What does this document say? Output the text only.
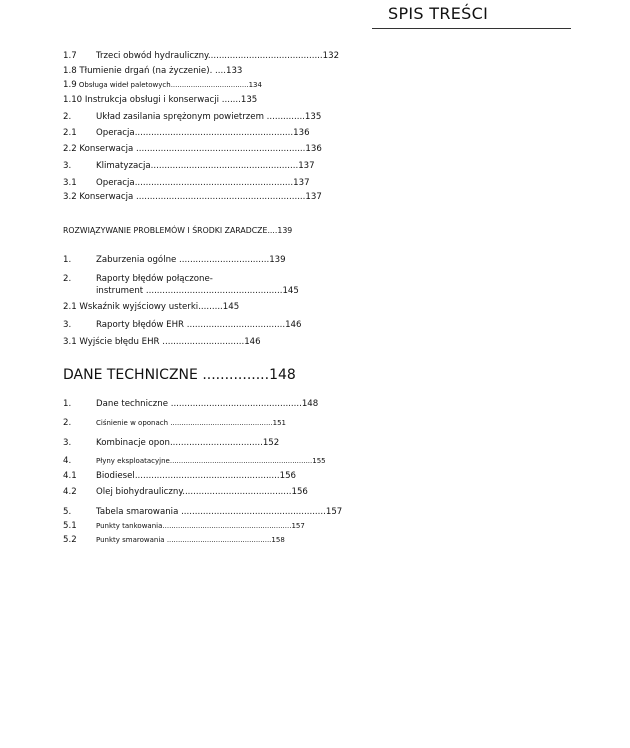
SPIS TREŚCI
1.7 Trzeci obwód hydrauliczny..........................................132
1.8 Tłumienie drgań (na życzenie). ....133
1.9 Obsługa wideł paletowych...................................134
1.10 Instrukcja obsługi i konserwacji .......135
2.	Układ zasilania sprężonym powietrzem ..............135
2.1 Operacja..........................................................136
2.2 Konserwacja ..............................................................136
3.	Klimatyzacja......................................................137
3.1 Operacja..........................................................137
3.2 Konserwacja ..............................................................137
ROZWIĄZYWANIE PROBLEMÓW I ŚRODKI ZARADCZE....139
1.	Zaburzenia ogólne .................................139
2.	Raporty błędów połączone-
instrument ..................................................145
2.1 Wskaźnik wyjściowy usterki.........145
3.	Raporty błędów EHR ....................................146
3.1 Wyjście błędu EHR ..............................146
DANE TECHNICZNE ...............148
1.	Dane techniczne ................................................148
2.	Ciśnienie w oponach ..............................................151
3.	Kombinacje opon..................................152
4.	Płyny eksploatacyjne................................................................155
4.1 Biodiesel.....................................................156
4.2 Olej biohydrauliczny........................................156
5.	Tabela smarowania .....................................................157
5.1	Punkty tankowania..........................................................157
5.2	Punkty smarowania ...............................................158
